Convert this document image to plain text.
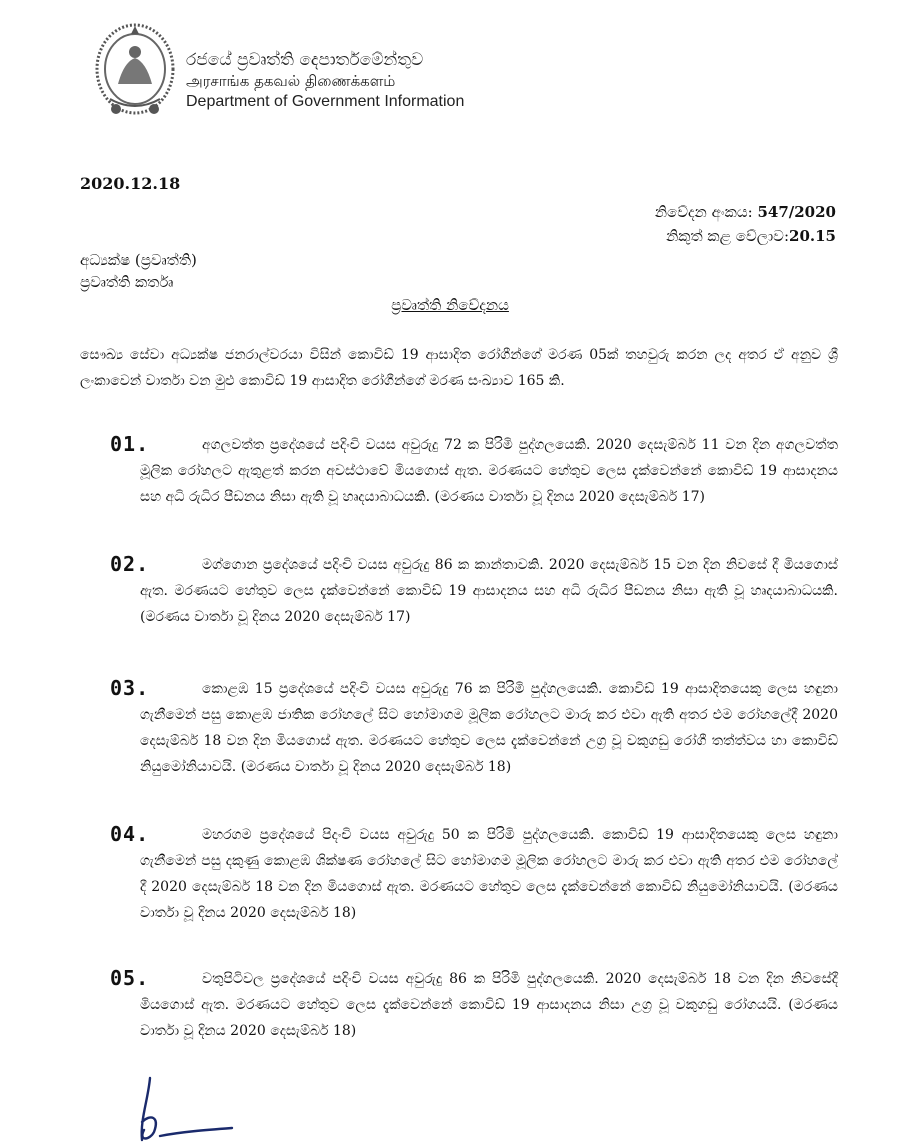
රජයේ ප්‍රවෘත්ති දෙපාර්තමේන්තුව
அரசாங்க தகவல் திணைக்களம்
Department of Government Information
2020.12.18
නිවේදන අංකය: 547/2020
නිකුත් කළ වේලාව:20.15
අධ්‍යක්ෂ (ප්‍රවෘත්ති)
ප්‍රවෘත්ති කර්තෘ
ප්‍රවෘත්ති නිවේදනය
සෞඛ්‍ය සේවා අධ්‍යක්ෂ ජනරාල්වරයා විසින් කොවිඩ් 19 ආසාදිත රෝගීන්ගේ මරණ 05ක් තහවුරු කරන ලද අතර ඒ අනුව ශ්‍රී ලංකාවෙන් වාර්තා වන මුළු කොවිඩ් 19 ආසාදිත රෝගීන්ගේ මරණ සංඛ්‍යාව 165 කි.
01.	අගලවත්ත ප්‍රදේශයේ පදිංචි වයස අවුරුදු 72 ක පිරිමි පුද්ගලයෙකි. 2020 දෙසැම්බර් 11 වන දින අගලවත්ත මූලික රෝහලට ඇතුළත් කරන අවස්ථාවේ මියගොස් ඇත. මරණයට හේතුව ලෙස දැක්වෙන්නේ කොවිඩ් 19 ආසාදනය සහ අධි රුධිර පීඩනය නිසා ඇති වූ හෘදයාබාධයකි. (මරණය වාර්තා වූ දිනය 2020 දෙසැම්බර් 17)
02.	මග්ගොන ප්‍රදේශයේ පදිංචි වයස අවුරුදු 86 ක කාන්තාවකි. 2020 දෙසැම්බර් 15 වන දින නිවසේ දී මියගොස් ඇත. මරණයට හේතුව ලෙස දැක්වෙන්නේ කොවිඩ් 19 ආසාදනය සහ අධි රුධිර පීඩනය නිසා ඇති වූ හෘදයාබාධයකි. (මරණය වාර්තා වූ දිනය 2020 දෙසැම්බර් 17)
03.	කොළඹ 15 ප්‍රදේශයේ පදිංචි වයස අවුරුදු 76 ක පිරිමි පුද්ගලයෙකි. කොවිඩ් 19 ආසාදිතයෙකු ලෙස හඳුනා ගැනීමෙන් පසු කොළඹ ජාතික රෝහලේ සිට හෝමාගම මූලික රෝහලට මාරු කර එවා ඇති අතර එම රෝහලේදී 2020 දෙසැම්බර් 18 වන දින මියගොස් ඇත. මරණයට හේතුව ලෙස දැක්වෙන්නේ උග්‍ර වූ වකුගඩු රෝගී තත්ත්වය හා කොවිඩ් නියුමෝනියාවයි. (මරණය වාර්තා වූ දිනය 2020 දෙසැම්බර් 18)
04.	මහරගම ප්‍රදේශයේ පිදංචි වයස අවුරුදු 50 ක පිරිමි පුද්ගලයෙකි. කොවිඩ් 19 ආසාදිතයෙකු ලෙස හඳුනා ගැනීමෙන් පසු දකුණු කොළඹ ශික්ෂණ රෝහලේ සිට හෝමාගම මූලික රෝහලට මාරු කර එවා ඇති අතර එම රෝහලේ දී 2020 දෙසැම්බර් 18 වන දින මියගොස් ඇත. මරණයට හේතුව ලෙස දැක්වෙන්නේ කොවිඩ් නියුමෝනියාවයි. (මරණය වාර්තා වූ දිනය 2020 දෙසැම්බර් 18)
05.	වතුපිටිවල ප්‍රදේශයේ පදිංචි වයස අවුරුදු 86 ක පිරිමි පුද්ගලයෙකි. 2020 දෙසැම්බර් 18 වන දින නිවසේදී මියගොස් ඇත. මරණයට හේතුව ලෙස දැක්වෙන්නේ කොවිඩ් 19 ආසාදනය නිසා උග්‍ර වූ වකුගඩු රෝගයයි. (මරණය වාර්තා වූ දිනය 2020 දෙසැම්බර් 18)
